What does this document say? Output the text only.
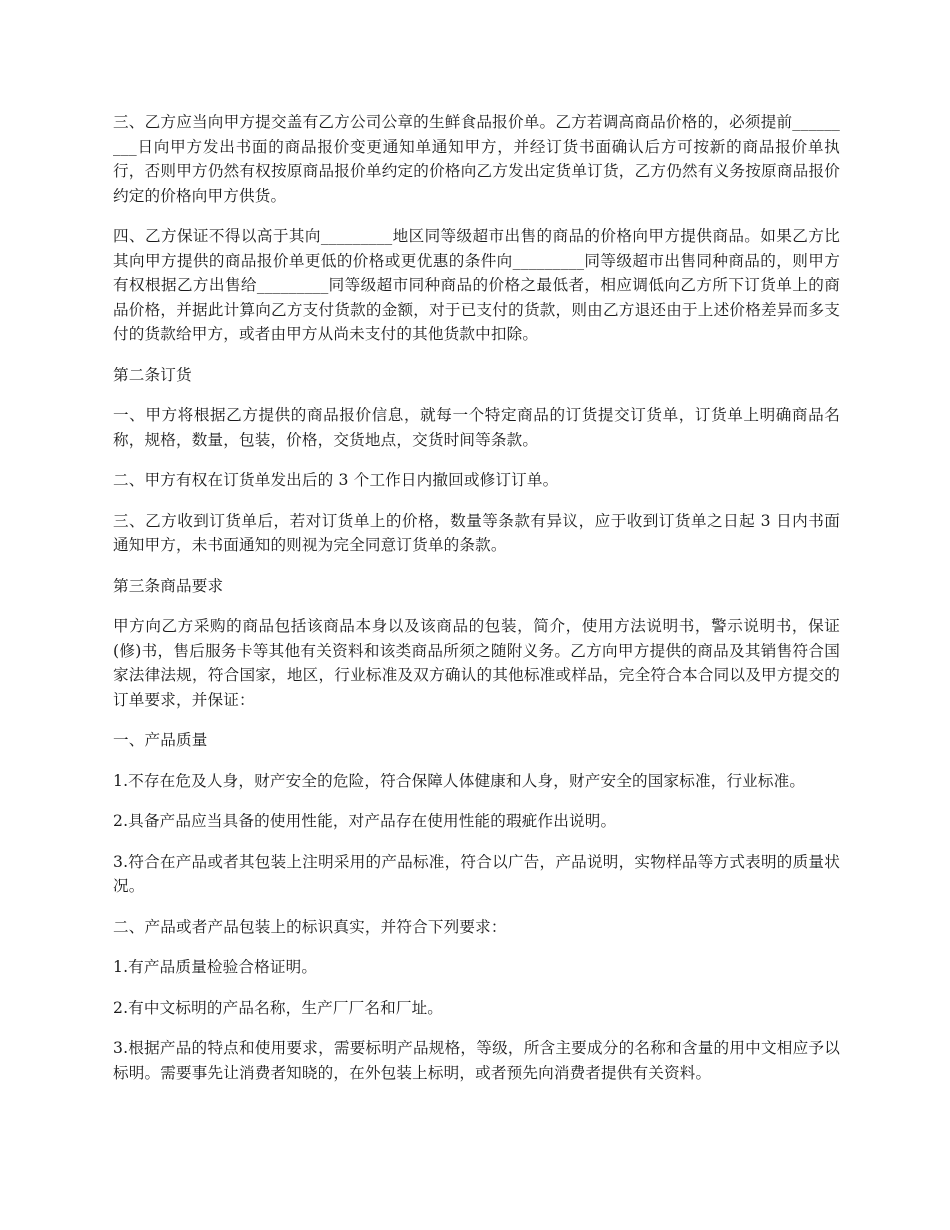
三、乙方应当向甲方提交盖有乙方公司公章的生鲜食品报价单。乙方若调高商品价格的，必须提前_________日向甲方发出书面的商品报价变更通知单通知甲方，并经订货书面确认后方可按新的商品报价单执行，否则甲方仍然有权按原商品报价单约定的价格向乙方发出定货单订货，乙方仍然有义务按原商品报价约定的价格向甲方供货。

四、乙方保证不得以高于其向_________地区同等级超市出售的商品的价格向甲方提供商品。如果乙方比其向甲方提供的商品报价单更低的价格或更优惠的条件向_________同等级超市出售同种商品的，则甲方有权根据乙方出售给_________同等级超市同种商品的价格之最低者，相应调低向乙方所下订货单上的商品价格，并据此计算向乙方支付货款的金额，对于已支付的货款，则由乙方退还由于上述价格差异而多支付的货款给甲方，或者由甲方从尚未支付的其他货款中扣除。

第二条订货

一、甲方将根据乙方提供的商品报价信息，就每一个特定商品的订货提交订货单，订货单上明确商品名称，规格，数量，包装，价格，交货地点，交货时间等条款。

二、甲方有权在订货单发出后的 3 个工作日内撤回或修订订单。

三、乙方收到订货单后，若对订货单上的价格，数量等条款有异议，应于收到订货单之日起 3 日内书面通知甲方，未书面通知的则视为完全同意订货单的条款。

第三条商品要求

甲方向乙方采购的商品包括该商品本身以及该商品的包装，简介，使用方法说明书，警示说明书，保证(修)书，售后服务卡等其他有关资料和该类商品所须之随附义务。乙方向甲方提供的商品及其销售符合国家法律法规，符合国家，地区，行业标准及双方确认的其他标准或样品，完全符合本合同以及甲方提交的订单要求，并保证：

一、产品质量

1.不存在危及人身，财产安全的危险，符合保障人体健康和人身，财产安全的国家标准，行业标准。

2.具备产品应当具备的使用性能，对产品存在使用性能的瑕疵作出说明。

3.符合在产品或者其包装上注明采用的产品标准，符合以广告，产品说明，实物样品等方式表明的质量状况。

二、产品或者产品包装上的标识真实，并符合下列要求：

1.有产品质量检验合格证明。

2.有中文标明的产品名称，生产厂厂名和厂址。

3.根据产品的特点和使用要求，需要标明产品规格，等级，所含主要成分的名称和含量的用中文相应予以标明。需要事先让消费者知晓的，在外包装上标明，或者预先向消费者提供有关资料。
